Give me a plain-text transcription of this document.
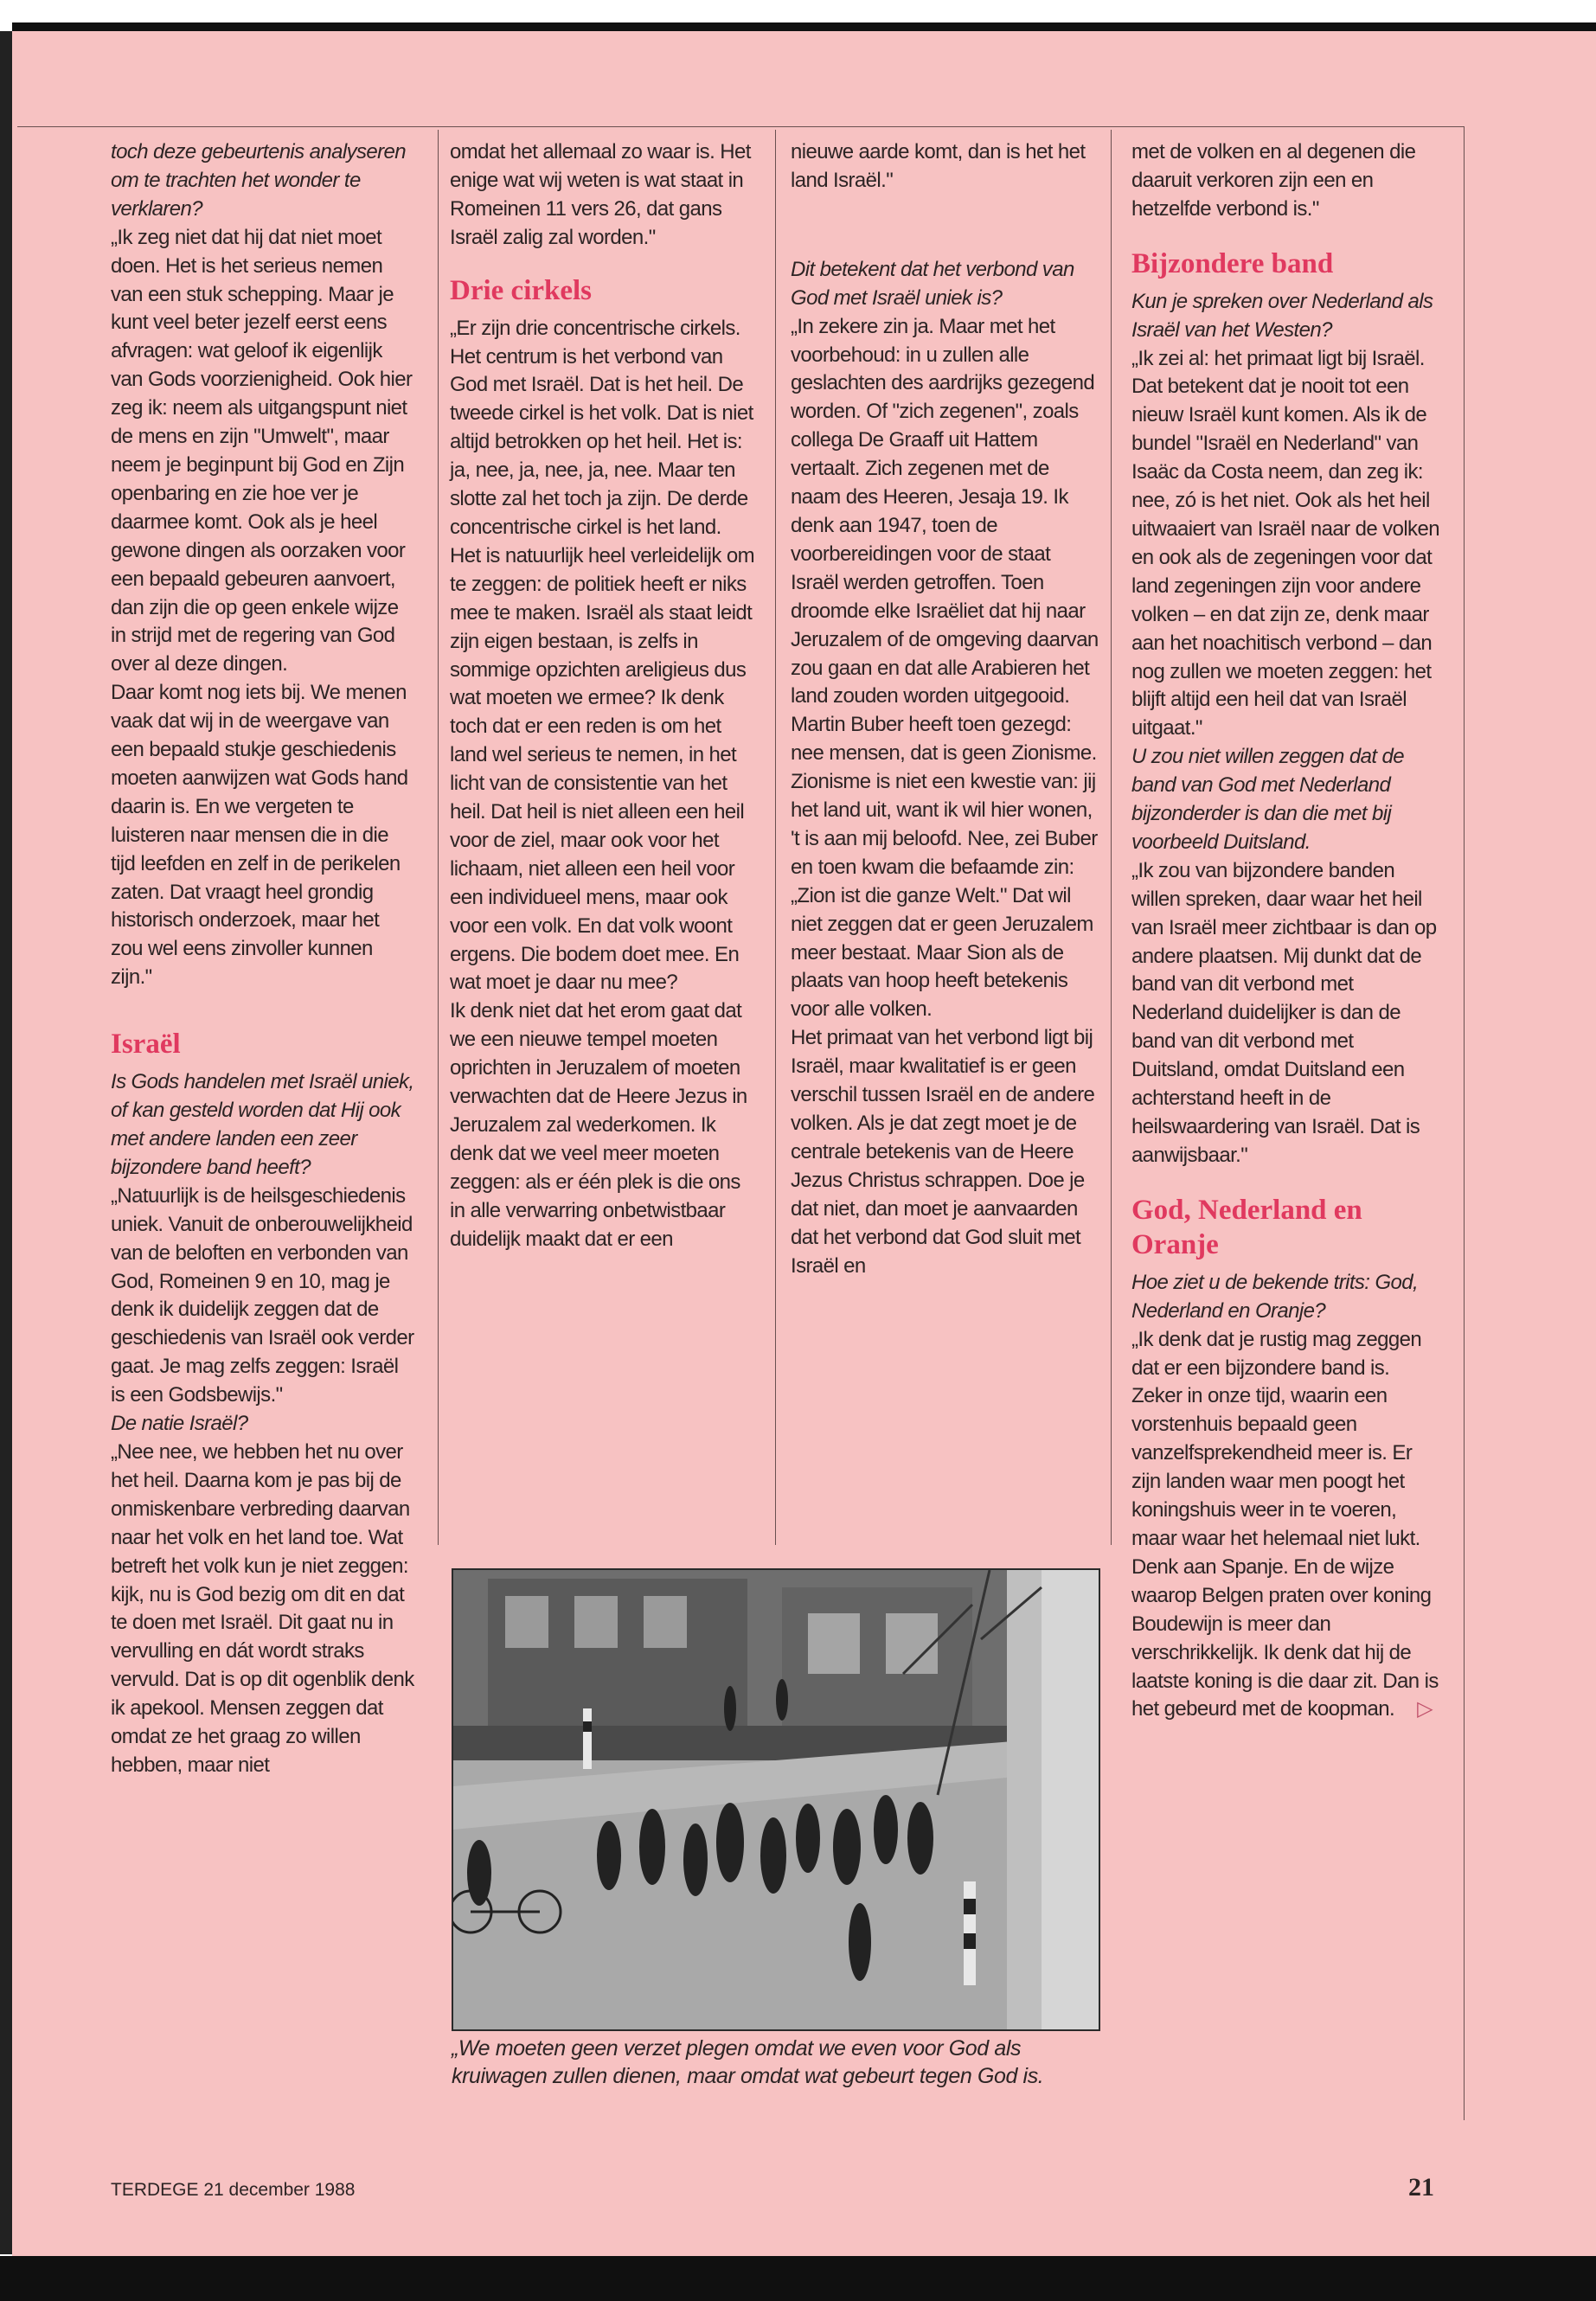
toch deze gebeurtenis analyseren om te trachten het wonder te verklaren?

„Ik zeg niet dat hij dat niet moet doen. Het is het serieus nemen van een stuk schepping. Maar je kunt veel beter jezelf eerst eens afvragen: wat geloof ik eigenlijk van Gods voorzienigheid. Ook hier zeg ik: neem als uitgangspunt niet de mens en zijn "Umwelt", maar neem je beginpunt bij God en Zijn openbaring en zie hoe ver je daarmee komt. Ook als je heel gewone dingen als oorzaken voor een bepaald gebeuren aanvoert, dan zijn die op geen enkele wijze in strijd met de regering van God over al deze dingen.

Daar komt nog iets bij. We menen vaak dat wij in de weergave van een bepaald stukje geschiedenis moeten aanwijzen wat Gods hand daarin is. En we vergeten te luisteren naar mensen die in die tijd leefden en zelf in de perikelen zaten. Dat vraagt heel grondig historisch onderzoek, maar het zou wel eens zinvoller kunnen zijn."

Israël

Is Gods handelen met Israël uniek, of kan gesteld worden dat Hij ook met andere landen een zeer bijzondere band heeft?

„Natuurlijk is de heilsgeschiedenis uniek. Vanuit de onberouwelijkheid van de beloften en verbonden van God, Romeinen 9 en 10, mag je denk ik duidelijk zeggen dat de geschiedenis van Israël ook verder gaat. Je mag zelfs zeggen: Israël is een Godsbewijs."

De natie Israël?

„Nee nee, we hebben het nu over het heil. Daarna kom je pas bij de onmiskenbare verbreding daarvan naar het volk en het land toe. Wat betreft het volk kun je niet zeggen: kijk, nu is God bezig om dit en dat te doen met Israël. Dit gaat nu in vervulling en dát wordt straks vervuld. Dat is op dit ogenblik denk ik apekool. Mensen zeggen dat omdat ze het graag zo willen hebben, maar niet

omdat het allemaal zo waar is. Het enige wat wij weten is wat staat in Romeinen 11 vers 26, dat gans Israël zalig zal worden."

Drie cirkels

„Er zijn drie concentrische cirkels. Het centrum is het verbond van God met Israël. Dat is het heil. De tweede cirkel is het volk. Dat is niet altijd betrokken op het heil. Het is: ja, nee, ja, nee, ja, nee. Maar ten slotte zal het toch ja zijn. De derde concentrische cirkel is het land.

Het is natuurlijk heel verleidelijk om te zeggen: de politiek heeft er niks mee te maken. Israël als staat leidt zijn eigen bestaan, is zelfs in sommige opzichten areligieus dus wat moeten we ermee? Ik denk toch dat er een reden is om het land wel serieus te nemen, in het licht van de consistentie van het heil. Dat heil is niet alleen een heil voor de ziel, maar ook voor het lichaam, niet alleen een heil voor een individueel mens, maar ook voor een volk. En dat volk woont ergens. Die bodem doet mee. En wat moet je daar nu mee?

Ik denk niet dat het erom gaat dat we een nieuwe tempel moeten oprichten in Jeruzalem of moeten verwachten dat de Heere Jezus in Jeruzalem zal wederkomen. Ik denk dat we veel meer moeten zeggen: als er één plek is die ons in alle verwarring onbetwistbaar duidelijk maakt dat er een

nieuwe aarde komt, dan is het het land Israël."

Dit betekent dat het verbond van God met Israël uniek is?

„In zekere zin ja. Maar met het voorbehoud: in u zullen alle geslachten des aardrijks gezegend worden. Of "zich zegenen", zoals collega De Graaff uit Hattem vertaalt. Zich zegenen met de naam des Heeren, Jesaja 19. Ik denk aan 1947, toen de voorbereidingen voor de staat Israël werden getroffen. Toen droomde elke Israëliet dat hij naar Jeruzalem of de omgeving daarvan zou gaan en dat alle Arabieren het land zouden worden uitgegooid. Martin Buber heeft toen gezegd: nee mensen, dat is geen Zionisme. Zionisme is niet een kwestie van: jij het land uit, want ik wil hier wonen, 't is aan mij beloofd. Nee, zei Buber en toen kwam die befaamde zin: „Zion ist die ganze Welt." Dat wil niet zeggen dat er geen Jeruzalem meer bestaat. Maar Sion als de plaats van hoop heeft betekenis voor alle volken.

Het primaat van het verbond ligt bij Israël, maar kwalitatief is er geen verschil tussen Israël en de andere volken. Als je dat zegt moet je de centrale betekenis van de Heere Jezus Christus schrappen. Doe je dat niet, dan moet je aanvaarden dat het verbond dat God sluit met Israël en

met de volken en al degenen die daaruit verkoren zijn een en hetzelfde verbond is."

Bijzondere band

Kun je spreken over Nederland als Israël van het Westen?

„Ik zei al: het primaat ligt bij Israël. Dat betekent dat je nooit tot een nieuw Israël kunt komen. Als ik de bundel "Israël en Nederland" van Isaäc da Costa neem, dan zeg ik: nee, zó is het niet. Ook als het heil uitwaaiert van Israël naar de volken en ook als de zegeningen voor dat land zegeningen zijn voor andere volken – en dat zijn ze, denk maar aan het noachitisch verbond – dan nog zullen we moeten zeggen: het blijft altijd een heil dat van Israël uitgaat."

U zou niet willen zeggen dat de band van God met Nederland bijzonderder is dan die met bij voorbeeld Duitsland.

„Ik zou van bijzondere banden willen spreken, daar waar het heil van Israël meer zichtbaar is dan op andere plaatsen. Mij dunkt dat de band van dit verbond met Nederland duidelijker is dan de band van dit verbond met Duitsland, omdat Duitsland een achterstand heeft in de heilswaardering van Israël. Dat is aanwijsbaar."

God, Nederland en Oranje

Hoe ziet u de bekende trits: God, Nederland en Oranje?

„Ik denk dat je rustig mag zeggen dat er een bijzondere band is. Zeker in onze tijd, waarin een vorstenhuis bepaald geen vanzelfsprekendheid meer is. Er zijn landen waar men poogt het koningshuis weer in te voeren, maar waar het helemaal niet lukt. Denk aan Spanje. En de wijze waarop Belgen praten over koning Boudewijn is meer dan verschrikkelijk. Ik denk dat hij de laatste koning is die daar zit. Dan is het gebeurd met de koopman. ▷

„We moeten geen verzet plegen omdat we even voor God als kruiwagen zullen dienen, maar omdat wat gebeurt tegen God is.
TERDEGE 21 december 1988	21
